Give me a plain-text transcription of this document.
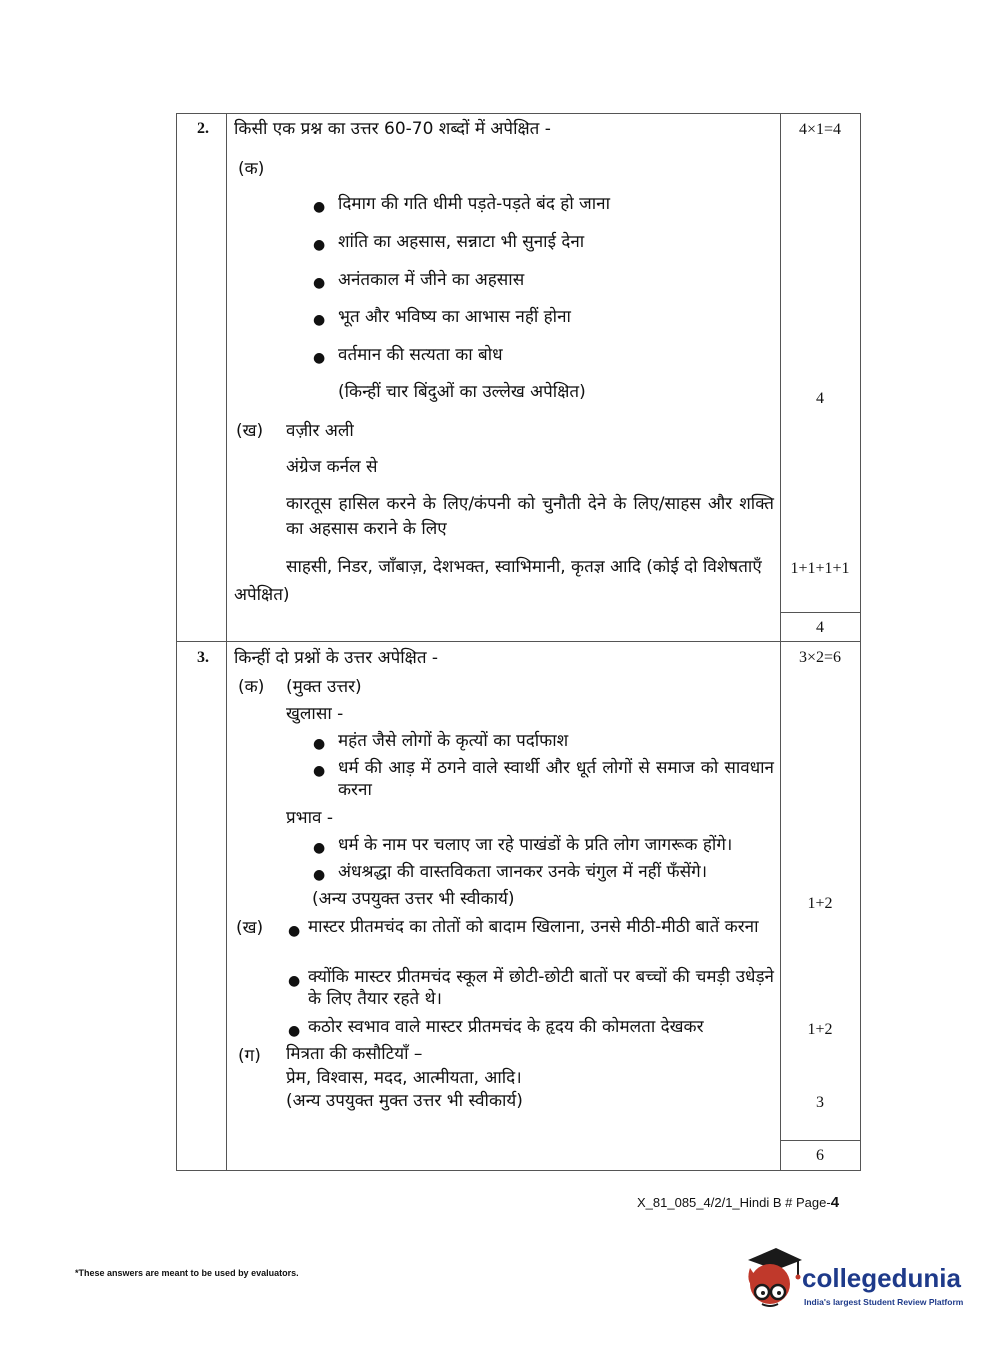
2. किसी एक प्रश्न का उत्तर 60-70 शब्दों में अपेक्षित -	4×1=4
(क)
● दिमाग की गति धीमी पड़ते-पड़ते बंद हो जाना
● शांति का अहसास, सन्नाटा भी सुनाई देना
● अनंतकाल में जीने का अहसास
● भूत और भविष्य का आभास नहीं होना
● वर्तमान की सत्यता का बोध
(किन्हीं चार बिंदुओं का उल्लेख अपेक्षित)	4
(ख) वज़ीर अली
अंग्रेज कर्नल से
कारतूस हासिल करने के लिए/कंपनी को चुनौती देने के लिए/साहस और शक्ति का अहसास कराने के लिए
साहसी, निडर, जाँबाज़, देशभक्त, स्वाभिमानी, कृतज्ञ आदि (कोई दो विशेषताएँ
अपेक्षित)
1+1+1+1
4
3. किन्हीं दो प्रश्नों के उत्तर अपेक्षित -	3×2=6
(क) (मुक्त उत्तर)
खुलासा -
● महंत जैसे लोगों के कृत्यों का पर्दाफाश
● धर्म की आड़ में ठगने वाले स्वार्थी और धूर्त लोगों से समाज को सावधान करना
प्रभाव -
● धर्म के नाम पर चलाए जा रहे पाखंडों के प्रति लोग जागरूक होंगे।
● अंधश्रद्धा की वास्तविकता जानकर उनके चंगुल में नहीं फँसेंगे।
(अन्य उपयुक्त उत्तर भी स्वीकार्य)	1+2
(ख) ● मास्टर प्रीतमचंद का तोतों को बादाम खिलाना, उनसे मीठी-मीठी बातें करना
● क्योंकि मास्टर प्रीतमचंद स्कूल में छोटी-छोटी बातों पर बच्चों की चमड़ी उधेड़ने के लिए तैयार रहते थे।
● कठोर स्वभाव वाले मास्टर प्रीतमचंद के हृदय की कोमलता देखकर	1+2
(ग) मित्रता की कसौटियाँ –
प्रेम, विश्वास, मदद, आत्मीयता, आदि।
(अन्य उपयुक्त मुक्त उत्तर भी स्वीकार्य)	3
6
X_81_085_4/2/1_Hindi B # Page-4
*These answers are meant to be used by evaluators.	collegedunia
India's largest Student Review Platform
